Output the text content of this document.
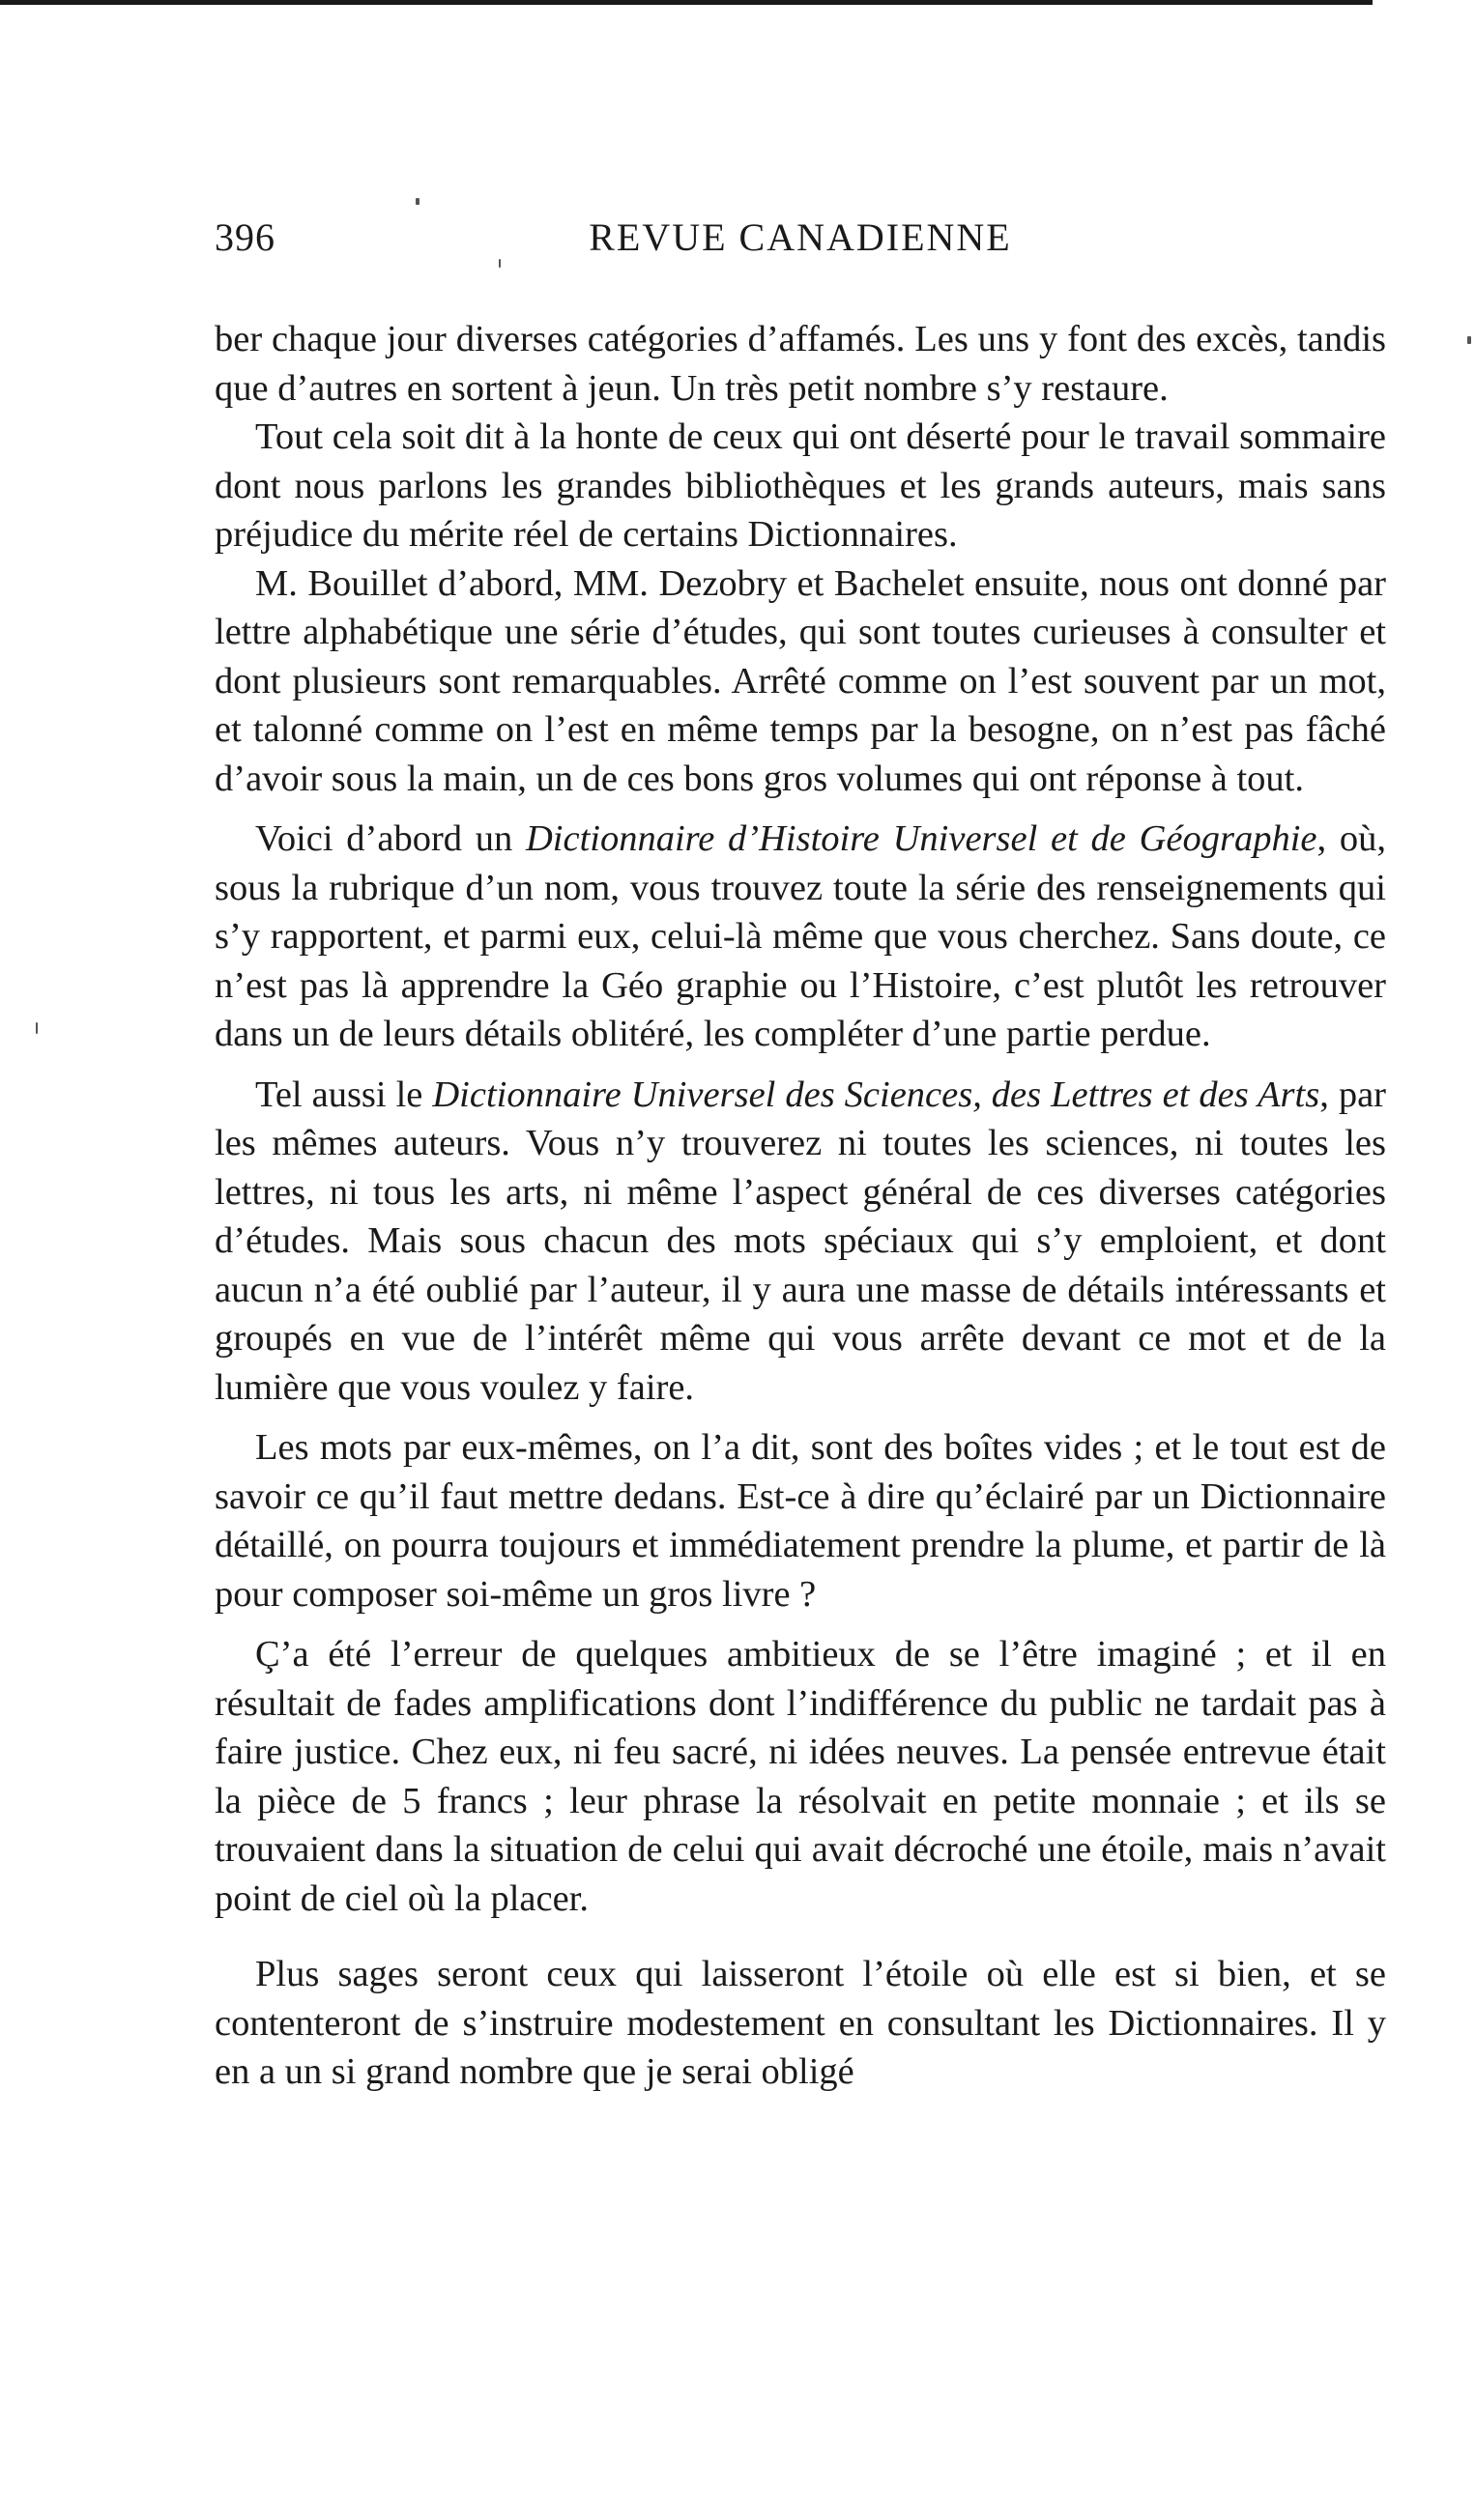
396	REVUE CANADIENNE

ber chaque jour diverses catégories d’affamés. Les uns y font des excès, tandis que d’autres en sortent à jeun. Un très petit nombre s’y restaure.

Tout cela soit dit à la honte de ceux qui ont déserté pour le travail sommaire dont nous parlons les grandes bibliothèques et les grands auteurs, mais sans préjudice du mérite réel de certains Dictionnaires.

M. Bouillet d’abord, MM. Dezobry et Bachelet ensuite, nous ont donné par lettre alphabétique une série d’études, qui sont toutes curieuses à consulter et dont plusieurs sont remarquables. Arrêté comme on l’est souvent par un mot, et talonné comme on l’est en même temps par la besogne, on n’est pas fâché d’avoir sous la main, un de ces bons gros volumes qui ont réponse à tout.

Voici d’abord un Dictionnaire d’Histoire Universel et de Géographie, où, sous la rubrique d’un nom, vous trouvez toute la série des renseignements qui s’y rapportent, et parmi eux, celui-là même que vous cherchez. Sans doute, ce n’est pas là apprendre la Géo graphie ou l’Histoire, c’est plutôt les retrouver dans un de leurs détails oblitéré, les compléter d’une partie perdue.

Tel aussi le Dictionnaire Universel des Sciences, des Lettres et des Arts, par les mêmes auteurs. Vous n’y trouverez ni toutes les sciences, ni toutes les lettres, ni tous les arts, ni même l’aspect général de ces diverses catégories d’études. Mais sous chacun des mots spéciaux qui s’y emploient, et dont aucun n’a été oublié par l’auteur, il y aura une masse de détails intéressants et groupés en vue de l’intérêt même qui vous arrête devant ce mot et de la lumière que vous voulez y faire.

Les mots par eux-mêmes, on l’a dit, sont des boîtes vides ; et le tout est de savoir ce qu’il faut mettre dedans. Est-ce à dire qu’éclairé par un Dictionnaire détaillé, on pourra toujours et immédiatement prendre la plume, et partir de là pour composer soi-même un gros livre ?

Ç’a été l’erreur de quelques ambitieux de se l’être imaginé ; et il en résultait de fades amplifications dont l’indifférence du public ne tardait pas à faire justice. Chez eux, ni feu sacré, ni idées neuves. La pensée entrevue était la pièce de 5 francs ; leur phrase la résolvait en petite monnaie ; et ils se trouvaient dans la situation de celui qui avait décroché une étoile, mais n’avait point de ciel où la placer.

Plus sages seront ceux qui laisseront l’étoile où elle est si bien, et se contenteront de s’instruire modestement en consultant les Dictionnaires. Il y en a un si grand nombre que je serai obligé
